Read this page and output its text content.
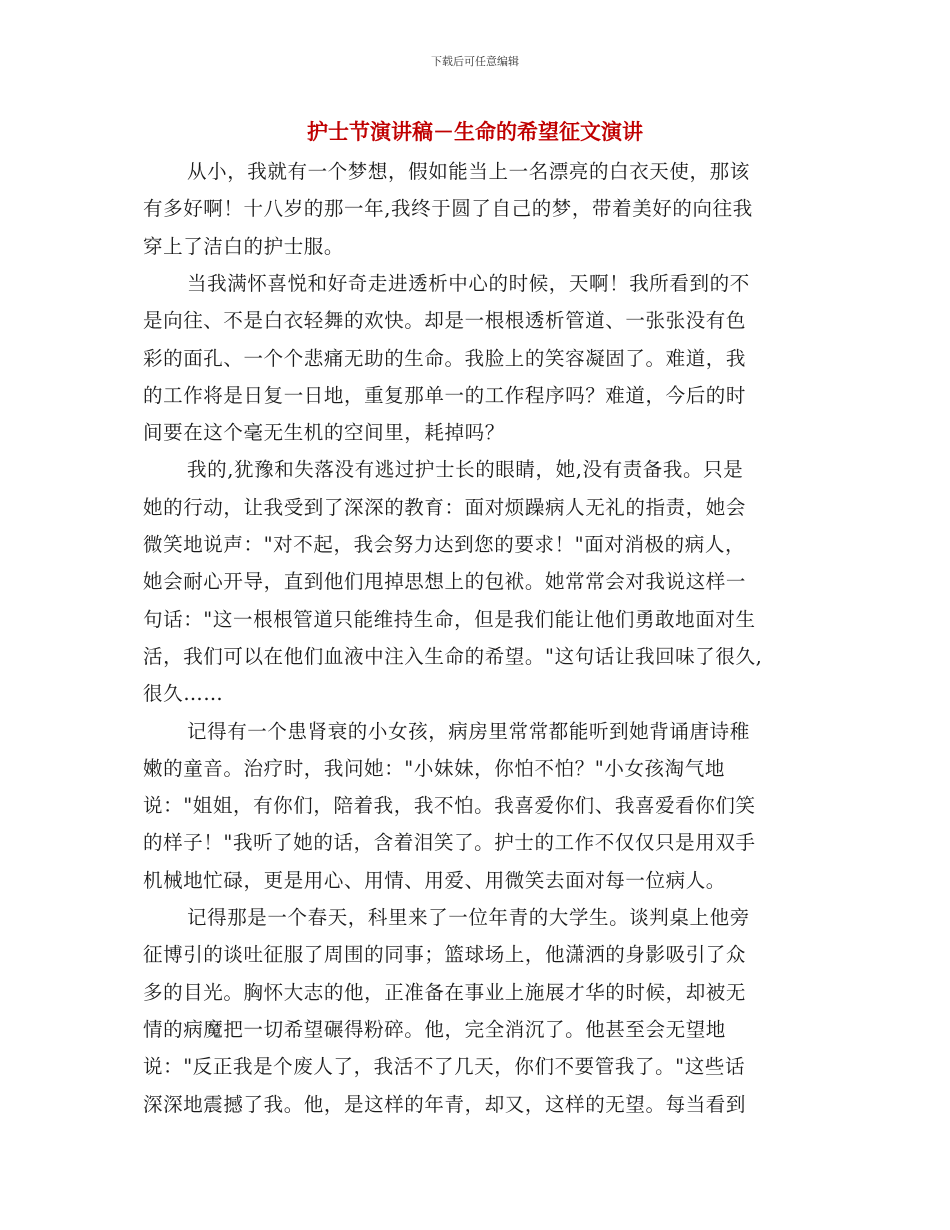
下载后可任意编辑
护士节演讲稿－生命的希望征文演讲
从小，我就有一个梦想，假如能当上一名漂亮的白衣天使，那该
有多好啊！十八岁的那一年,我终于圆了自己的梦，带着美好的向往我
穿上了洁白的护士服。
当我满怀喜悦和好奇走进透析中心的时候，天啊！我所看到的不
是向往、不是白衣轻舞的欢快。却是一根根透析管道、一张张没有色
彩的面孔、一个个悲痛无助的生命。我脸上的笑容凝固了。难道，我
的工作将是日复一日地，重复那单一的工作程序吗？难道，今后的时
间要在这个毫无生机的空间里，耗掉吗？
我的,犹豫和失落没有逃过护士长的眼睛，她,没有责备我。只是
她的行动，让我受到了深深的教育：面对烦躁病人无礼的指责，她会
微笑地说声："对不起，我会努力达到您的要求！"面对消极的病人，
她会耐心开导，直到他们甩掉思想上的包袱。她常常会对我说这样一
句话："这一根根管道只能维持生命，但是我们能让他们勇敢地面对生
活，我们可以在他们血液中注入生命的希望。"这句话让我回味了很久,
很久……
记得有一个患肾衰的小女孩，病房里常常都能听到她背诵唐诗稚
嫩的童音。治疗时，我问她："小妹妹，你怕不怕？"小女孩淘气地
说："姐姐，有你们，陪着我，我不怕。我喜爱你们、我喜爱看你们笑
的样子！"我听了她的话，含着泪笑了。护士的工作不仅仅只是用双手
机械地忙碌，更是用心、用情、用爱、用微笑去面对每一位病人。
记得那是一个春天，科里来了一位年青的大学生。谈判桌上他旁
征博引的谈吐征服了周围的同事；篮球场上，他潇洒的身影吸引了众
多的目光。胸怀大志的他，正准备在事业上施展才华的时候，却被无
情的病魔把一切希望碾得粉碎。他，完全消沉了。他甚至会无望地
说："反正我是个废人了，我活不了几天，你们不要管我了。"这些话
深深地震撼了我。他，是这样的年青，却又，这样的无望。每当看到
